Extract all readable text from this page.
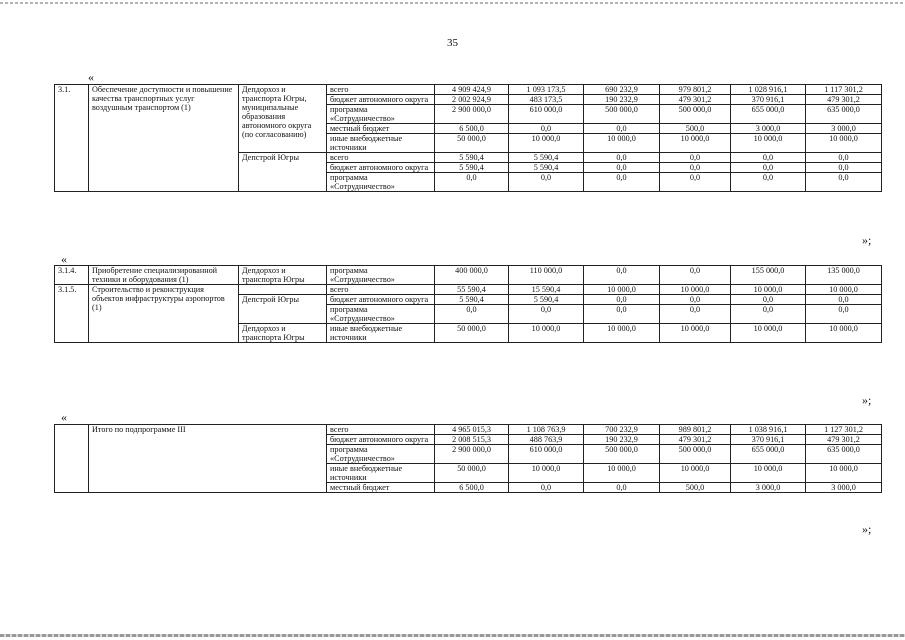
35
«
3.1.	Обеспечение доступности и повышение качества транспортных услуг воздушным транспортом (1)	Депдорхоз и транспорта Югры, муниципальные образования автономного округа (по согласованию)	всего	4 909 424,9	1 093 173,5	690 232,9	979 801,2	1 028 916,1	1 117 301,2
			бюджет автономного округа	2 002 924,9	483 173,5	190 232,9	479 301,2	370 916,1	479 301,2
			программа «Сотрудничество»	2 900 000,0	610 000,0	500 000,0	500 000,0	655 000,0	635 000,0
			местный бюджет	6 500,0	0,0	0,0	500,0	3 000,0	3 000,0
			иные внебюджетные источники	50 000,0	10 000,0	10 000,0	10 000,0	10 000,0	10 000,0
		Депстрой Югры	всего	5 590,4	5 590,4	0,0	0,0	0,0	0,0
			бюджет автономного округа	5 590,4	5 590,4	0,0	0,0	0,0	0,0
			программа «Сотрудничество»	0,0	0,0	0,0	0,0	0,0	0,0
»;
«
3.1.4.	Приобретение специализированной техники и оборудования (1)	Депдорхоз и транспорта Югры	программа «Сотрудничество»	400 000,0	110 000,0	0,0	0,0	155 000,0	135 000,0
3.1.5.	Строительство и реконструкция объектов инфраструктуры аэропортов (1)		всего	55 590,4	15 590,4	10 000,0	10 000,0	10 000,0	10 000,0
		Депстрой Югры	бюджет автономного округа	5 590,4	5 590,4	0,0	0,0	0,0	0,0
			программа «Сотрудничество»	0,0	0,0	0,0	0,0	0,0	0,0
		Депдорхоз и транспорта Югры	иные внебюджетные источники	50 000,0	10 000,0	10 000,0	10 000,0	10 000,0	10 000,0
»;
«
	Итого по подпрограмме III	всего	4 965 015,3	1 108 763,9	700 232,9	989 801,2	1 038 916,1	1 127 301,2
		бюджет автономного округа	2 008 515,3	488 763,9	190 232,9	479 301,2	370 916,1	479 301,2
		программа «Сотрудничество»	2 900 000,0	610 000,0	500 000,0	500 000,0	655 000,0	635 000,0
		иные внебюджетные источники	50 000,0	10 000,0	10 000,0	10 000,0	10 000,0	10 000,0
		местный бюджет	6 500,0	0,0	0,0	500,0	3 000,0	3 000,0
»;
